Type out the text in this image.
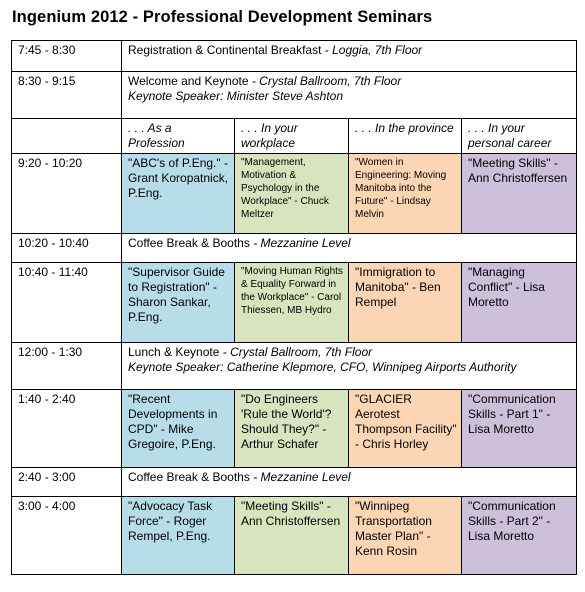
Ingenium 2012 - Professional Development Seminars
7:45 - 8:30	Registration & Continental Breakfast - Loggia, 7th Floor			
8:30 - 9:15	Welcome and Keynote - Crystal Ballroom, 7th Floor
Keynote Speaker: Minister Steve Ashton			

	. . . As a Profession	. . . In your workplace	. . . In the province	. . . In your personal career
9:20 - 10:20	"ABC's of P.Eng." - Grant Koropatnick, P.Eng.	"Management, Motivation & Psychology in the Workplace" - Chuck Meltzer	"Women in Engineering: Moving Manitoba into the Future" - Lindsay Melvin	"Meeting Skills" - Ann Christoffersen
10:20 - 10:40	Coffee Break & Booths - Mezzanine Level			
10:40 - 11:40	"Supervisor Guide to Registration" - Sharon Sankar, P.Eng.	"Moving Human Rights & Equality Forward in the Workplace" - Carol Thiessen, MB Hydro	"Immigration to Manitoba" - Ben Rempel	"Managing Conflict" - Lisa Moretto
12:00 - 1:30	Lunch & Keynote - Crystal Ballroom, 7th Floor
Keynote Speaker: Catherine Klepmore, CFO, Winnipeg Airports Authority			

1:40 - 2:40	"Recent Developments in CPD" - Mike Gregoire, P.Eng.	"Do Engineers 'Rule the World'? Should They?" - Arthur Schafer	"GLACIER Aerotest Thompson Facility" - Chris Horley	"Communication Skills - Part 1" - Lisa Moretto
2:40 - 3:00	Coffee Break & Booths - Mezzanine Level			
3:00 - 4:00	"Advocacy Task Force" - Roger Rempel, P.Eng.	"Meeting Skills" - Ann Christoffersen	"Winnipeg Transportation Master Plan" - Kenn Rosin	"Communication Skills - Part 2" - Lisa Moretto
